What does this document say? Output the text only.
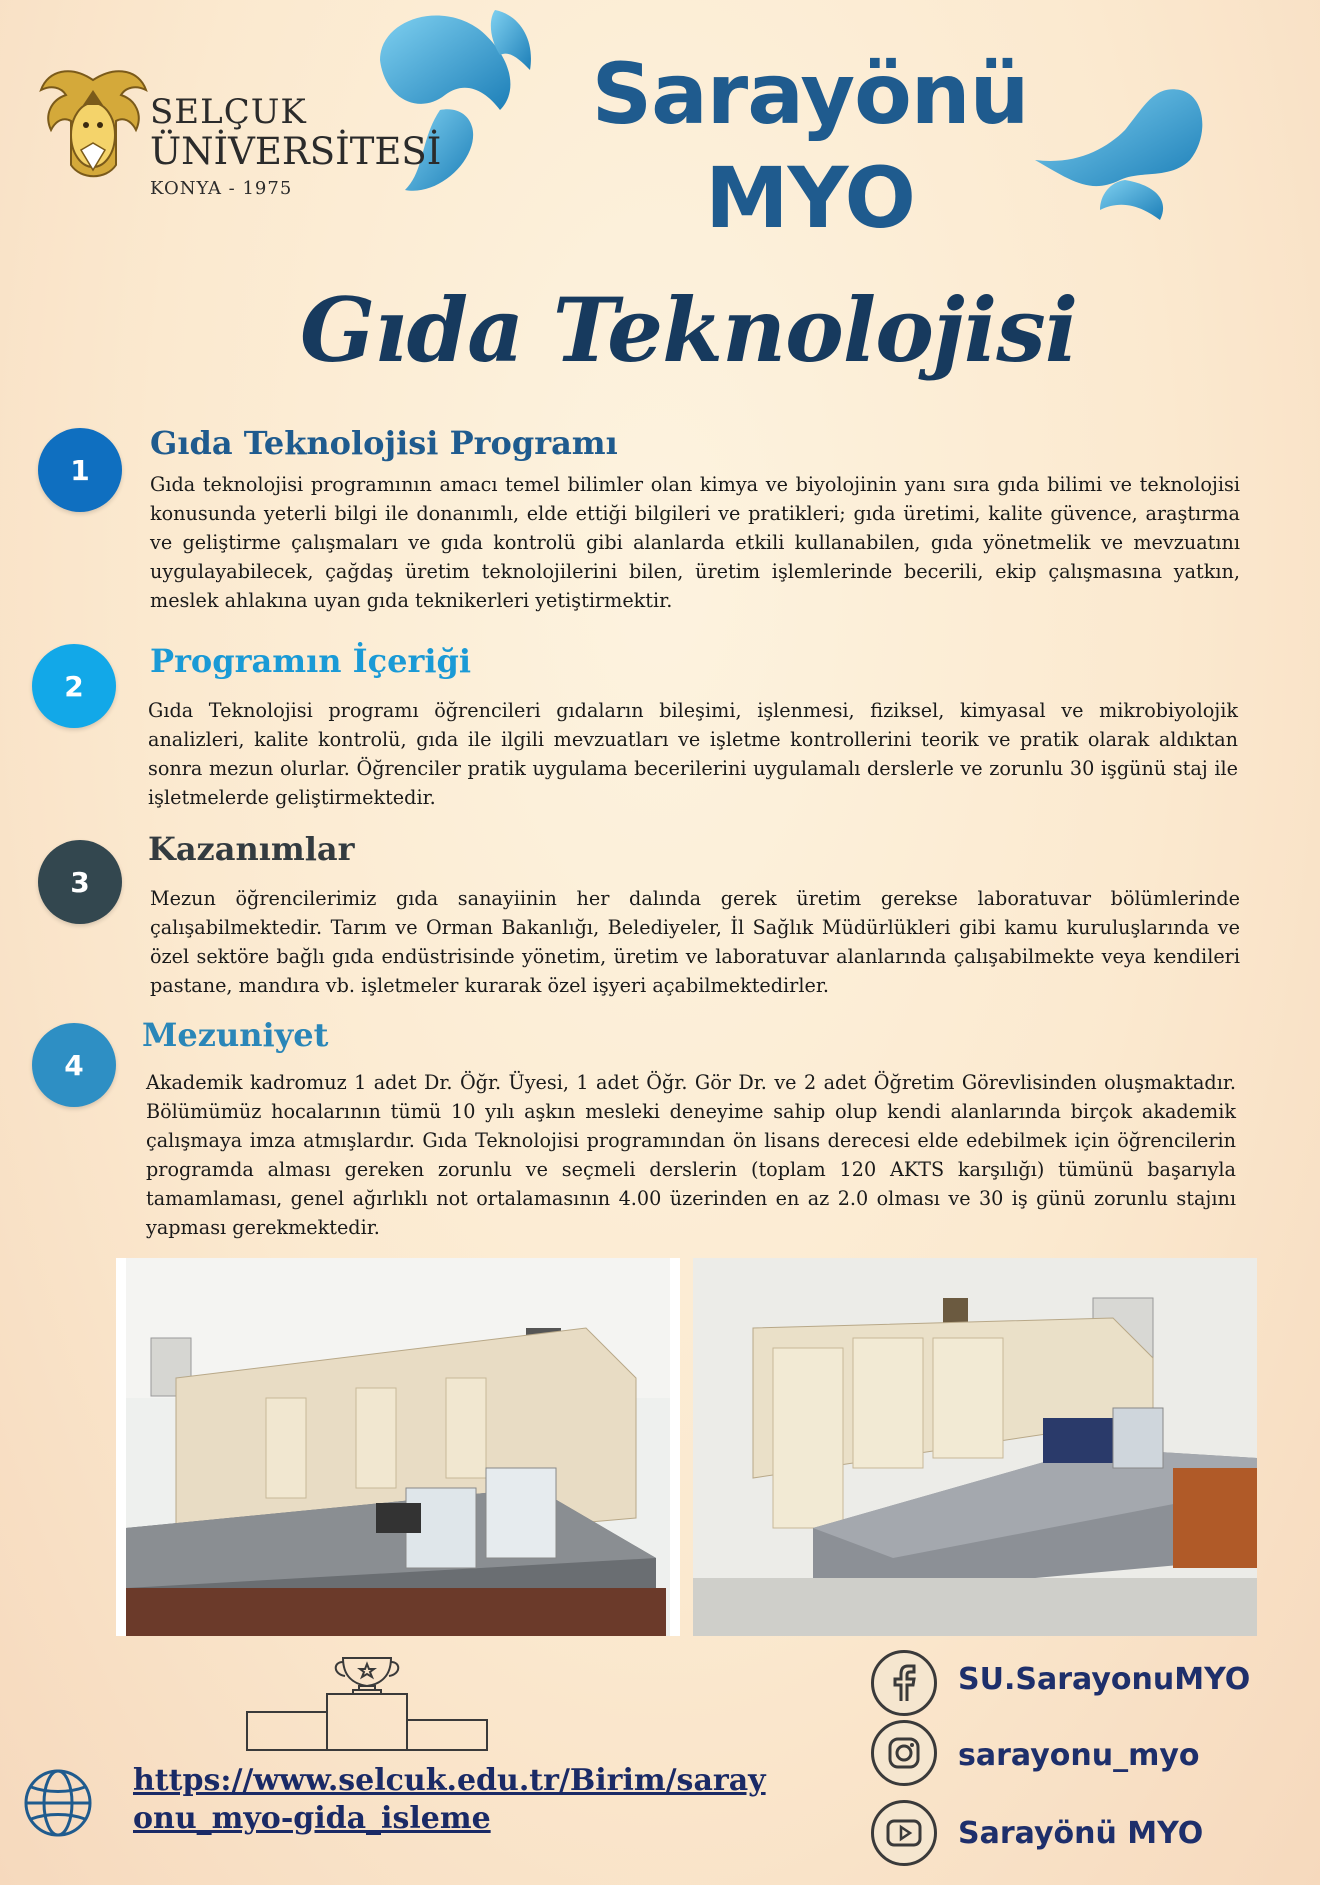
SELÇUK
ÜNİVERSİTESİ
KONYA - 1975
Sarayönü
MYO
Gıda Teknolojisi
1
Gıda Teknolojisi Programı

Gıda teknolojisi programının amacı temel bilimler olan kimya ve biyolojinin yanı sıra gıda bilimi ve teknolojisi konusunda yeterli bilgi ile donanımlı, elde ettiği bilgileri ve pratikleri; gıda üretimi, kalite güvence, araştırma ve geliştirme çalışmaları ve gıda kontrolü gibi alanlarda etkili kullanabilen, gıda yönetmelik ve mevzuatını uygulayabilecek, çağdaş üretim teknolojilerini bilen, üretim işlemlerinde becerili, ekip çalışmasına yatkın, meslek ahlakına uyan gıda teknikerleri yetiştirmektir.

2
Programın İçeriği

Gıda Teknolojisi programı öğrencileri gıdaların bileşimi, işlenmesi, fiziksel, kimyasal ve mikrobiyolojik analizleri, kalite kontrolü, gıda ile ilgili mevzuatları ve işletme kontrollerini teorik ve pratik olarak aldıktan sonra mezun olurlar. Öğrenciler pratik uygulama becerilerini uygulamalı derslerle ve zorunlu 30 işgünü staj ile işletmelerde geliştirmektedir.

3
Kazanımlar

Mezun öğrencilerimiz gıda sanayiinin her dalında gerek üretim gerekse laboratuvar bölümlerinde çalışabilmektedir. Tarım ve Orman Bakanlığı, Belediyeler, İl Sağlık Müdürlükleri gibi kamu kuruluşlarında ve özel sektöre bağlı gıda endüstrisinde yönetim, üretim ve laboratuvar alanlarında çalışabilmekte veya kendileri pastane, mandıra vb. işletmeler kurarak özel işyeri açabilmektedirler.

4
Mezuniyet

Akademik kadromuz 1 adet Dr. Öğr. Üyesi, 1 adet Öğr. Gör Dr. ve 2 adet Öğretim Görevlisinden oluşmaktadır. Bölümümüz hocalarının tümü 10 yılı aşkın mesleki deneyime sahip olup kendi alanlarında birçok akademik çalışmaya imza atmışlardır. Gıda Teknolojisi programından ön lisans derecesi elde edebilmek için öğrencilerin programda alması gereken zorunlu ve seçmeli derslerin (toplam 120 AKTS karşılığı) tümünü başarıyla tamamlaması, genel ağırlıklı not ortalamasının 4.00 üzerinden en az 2.0 olması ve 30 iş günü zorunlu stajını yapması gerekmektedir.

https://www.selcuk.edu.tr/Birim/sarayonu_myo-gida_isleme
SU.SarayonuMYO
sarayonu_myo
Sarayönü MYO
